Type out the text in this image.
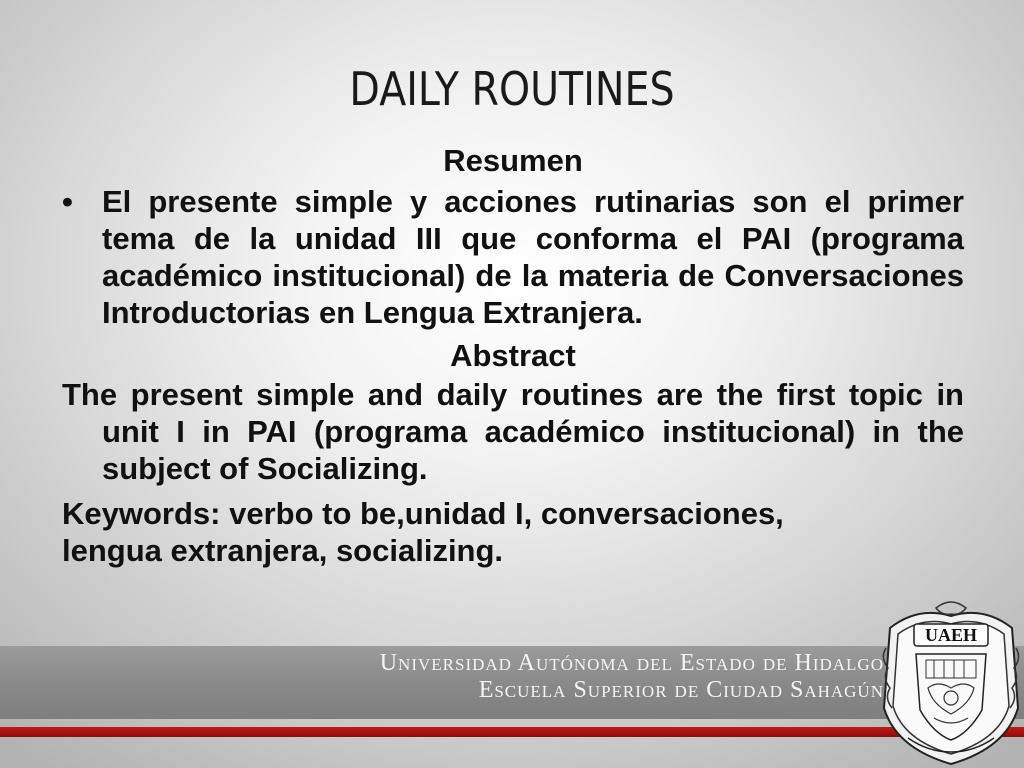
DAILY ROUTINES

Resumen

• El presente simple y acciones rutinarias son el primer tema de la unidad III que conforma el PAI (programa académico institucional) de la materia de Conversaciones Introductorias en Lengua Extranjera.

Abstract

The present simple and daily routines are the first topic in unit I in PAI (programa académico institucional) in the subject of Socializing.

Keywords: verbo to be,unidad I, conversaciones,

lengua extranjera, socializing.

Universidad Autónoma del Estado de Hidalgo
Escuela Superior de Ciudad Sahagún
UAEH
